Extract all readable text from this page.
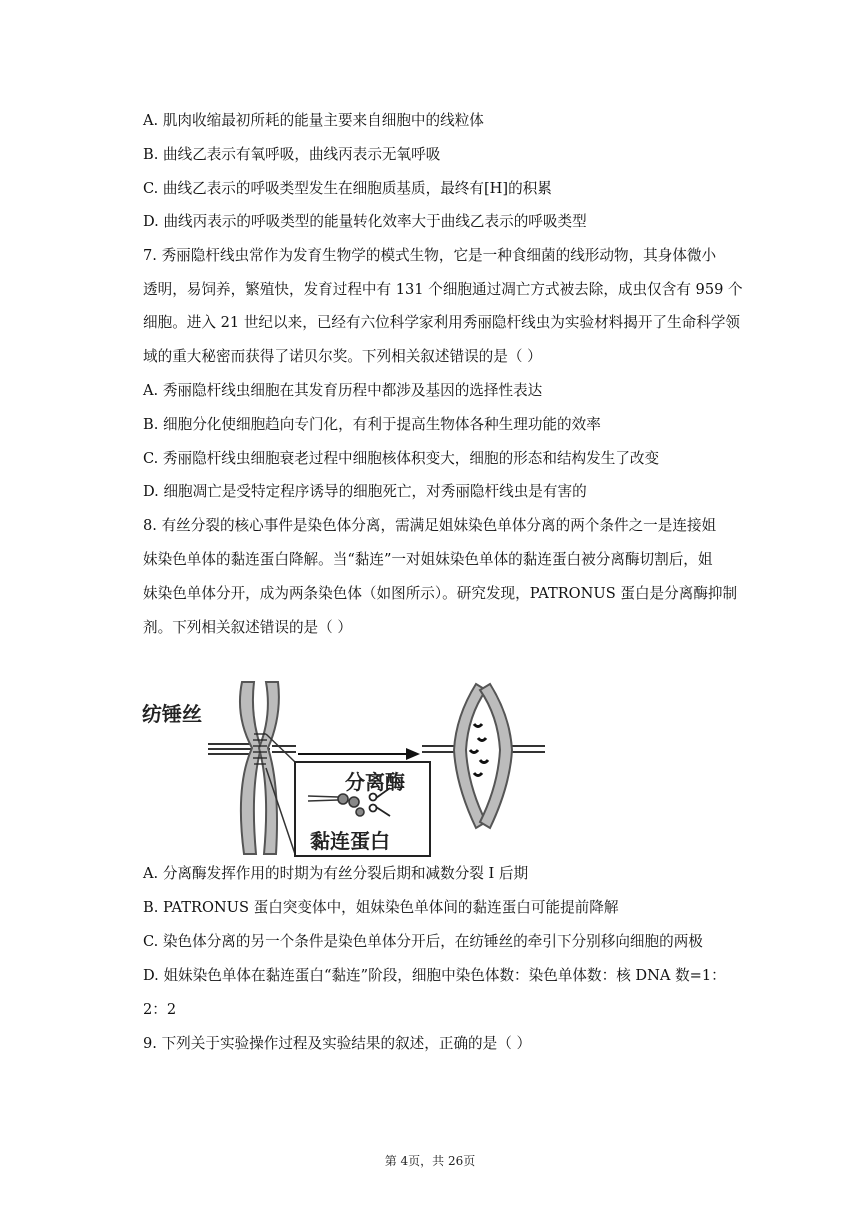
A. 肌肉收缩最初所耗的能量主要来自细胞中的线粒体
B. 曲线乙表示有氧呼吸，曲线丙表示无氧呼吸
C. 曲线乙表示的呼吸类型发生在细胞质基质，最终有[H]的积累
D. 曲线丙表示的呼吸类型的能量转化效率大于曲线乙表示的呼吸类型
7. 秀丽隐杆线虫常作为发育生物学的模式生物，它是一种食细菌的线形动物，其身体微小
透明，易饲养，繁殖快，发育过程中有 131 个细胞通过凋亡方式被去除，成虫仅含有 959 个
细胞。进入 21 世纪以来，已经有六位科学家利用秀丽隐杆线虫为实验材料揭开了生命科学领
域的重大秘密而获得了诺贝尔奖。下列相关叙述错误的是（ ）
A. 秀丽隐杆线虫细胞在其发育历程中都涉及基因的选择性表达
B. 细胞分化使细胞趋向专门化，有利于提高生物体各种生理功能的效率
C. 秀丽隐杆线虫细胞衰老过程中细胞核体积变大，细胞的形态和结构发生了改变
D. 细胞凋亡是受特定程序诱导的细胞死亡，对秀丽隐杆线虫是有害的
8. 有丝分裂的核心事件是染色体分离，需满足姐妹染色单体分离的两个条件之一是连接姐
妹染色单体的黏连蛋白降解。当“黏连”一对姐妹染色单体的黏连蛋白被分离酶切割后，姐
妹染色单体分开，成为两条染色体（如图所示）。研究发现，PATRONUS 蛋白是分离酶抑制
剂。下列相关叙述错误的是（ ）
A. 分离酶发挥作用的时期为有丝分裂后期和减数分裂 I 后期
B. PATRONUS 蛋白突变体中，姐妹染色单体间的黏连蛋白可能提前降解
C. 染色体分离的另一个条件是染色单体分开后，在纺锤丝的牵引下分别移向细胞的两极
D. 姐妹染色单体在黏连蛋白“黏连”阶段，细胞中染色体数：染色单体数：核 DNA 数=1：
2：2
9. 下列关于实验操作过程及实验结果的叙述，正确的是（ ）
纺锤丝
分离酶
黏连蛋白
第 4页，共 26页
